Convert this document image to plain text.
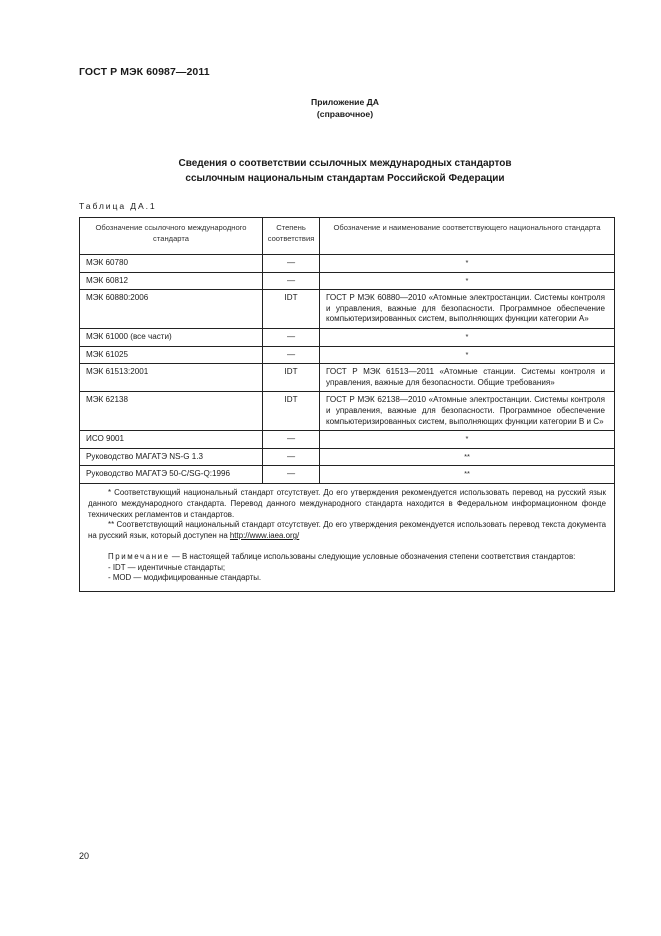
ГОСТ Р МЭК 60987—2011
Приложение ДА
(справочное)
Сведения о соответствии ссылочных международных стандартов
ссылочным национальным стандартам Российской Федерации
Таблица ДА.1
Обозначение ссылочного международного стандарта	Степень соответствия	Обозначение и наименование соответствующего национального стандарта
МЭК 60780	—	*
МЭК 60812	—	*
МЭК 60880:2006	IDT	ГОСТ Р МЭК 60880—2010 «Атомные электростанции. Системы контроля и управления, важные для безопасности. Программное обеспечение компьютеризированных систем, выполняющих функции категории А»
МЭК 61000 (все части)	—	*
МЭК 61025	—	*
МЭК 61513:2001	IDT	ГОСТ Р МЭК 61513—2011 «Атомные станции. Системы контроля и управления, важные для безопасности. Общие требования»
МЭК 62138	IDT	ГОСТ Р МЭК 62138—2010 «Атомные электростанции. Системы контроля и управления, важные для безопасности. Программное обеспечение компьютеризированных систем, выполняющих функции категории В и С»
ИСО 9001	—	*
Руководство МАГАТЭ NS-G 1.3	—	**
Руководство МАГАТЭ 50-C/SG-Q:1996	—	**

* Соответствующий национальный стандарт отсутствует. До его утверждения рекомендуется использовать перевод на русский язык данного международного стандарта. Перевод данного международного стандарта находится в Федеральном информационном фонде технических регламентов и стандартов.

** Соответствующий национальный стандарт отсутствует. До его утверждения рекомендуется использовать перевод текста документа на русский язык, который доступен на http://www.iaea.org/

Примечание — В настоящей таблице использованы следующие условные обозначения степени соответствия стандартов:

- IDT — идентичные стандарты;

- MOD — модифицированные стандарты.		

20
